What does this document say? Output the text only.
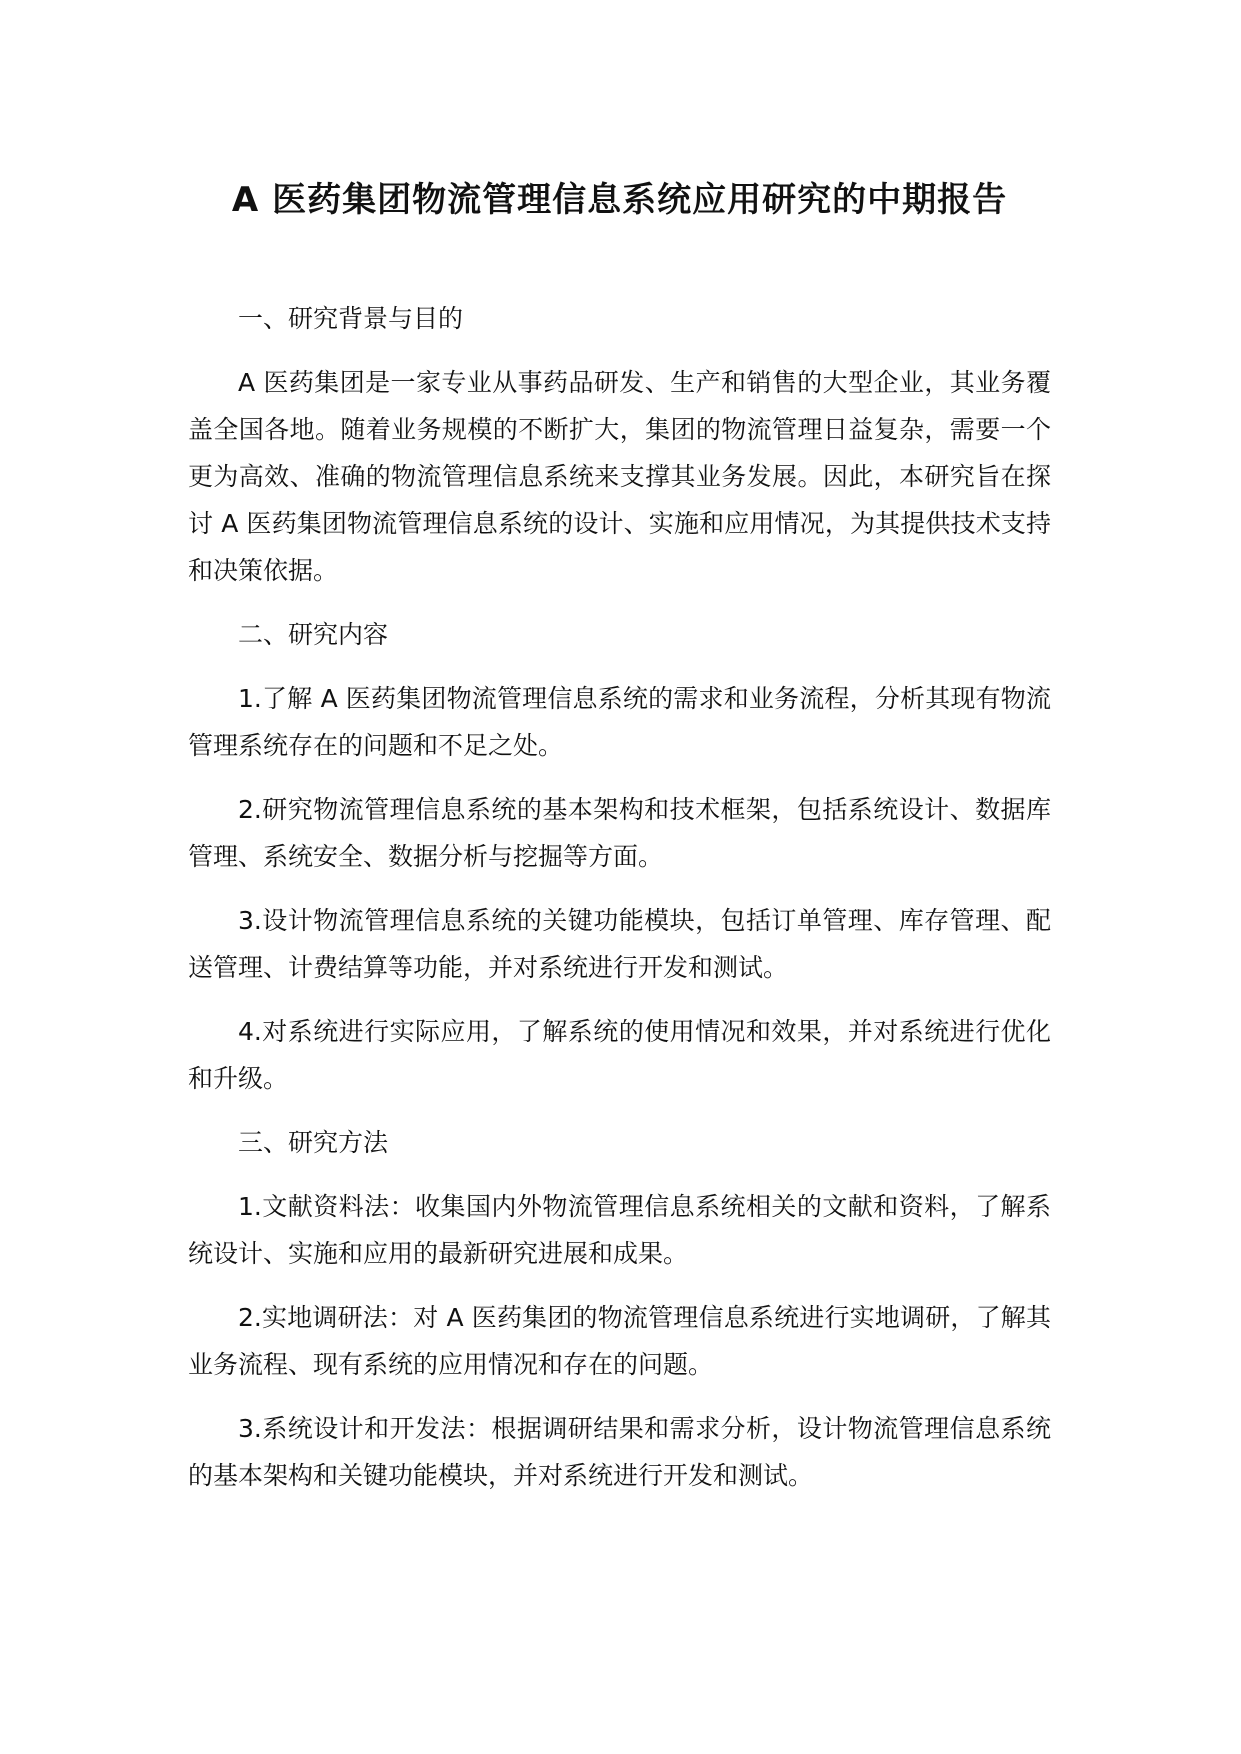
A 医药集团物流管理信息系统应用研究的中期报告

一、研究背景与目的

A 医药集团是一家专业从事药品研发、生产和销售的大型企业，其业务覆盖全国各地。随着业务规模的不断扩大，集团的物流管理日益复杂，需要一个更为高效、准确的物流管理信息系统来支撑其业务发展。因此，本研究旨在探讨 A 医药集团物流管理信息系统的设计、实施和应用情况，为其提供技术支持和决策依据。

二、研究内容

1.了解 A 医药集团物流管理信息系统的需求和业务流程，分析其现有物流管理系统存在的问题和不足之处。

2.研究物流管理信息系统的基本架构和技术框架，包括系统设计、数据库管理、系统安全、数据分析与挖掘等方面。

3.设计物流管理信息系统的关键功能模块，包括订单管理、库存管理、配送管理、计费结算等功能，并对系统进行开发和测试。

4.对系统进行实际应用，了解系统的使用情况和效果，并对系统进行优化和升级。

三、研究方法

1.文献资料法：收集国内外物流管理信息系统相关的文献和资料，了解系统设计、实施和应用的最新研究进展和成果。

2.实地调研法：对 A 医药集团的物流管理信息系统进行实地调研，了解其业务流程、现有系统的应用情况和存在的问题。

3.系统设计和开发法：根据调研结果和需求分析，设计物流管理信息系统的基本架构和关键功能模块，并对系统进行开发和测试。
